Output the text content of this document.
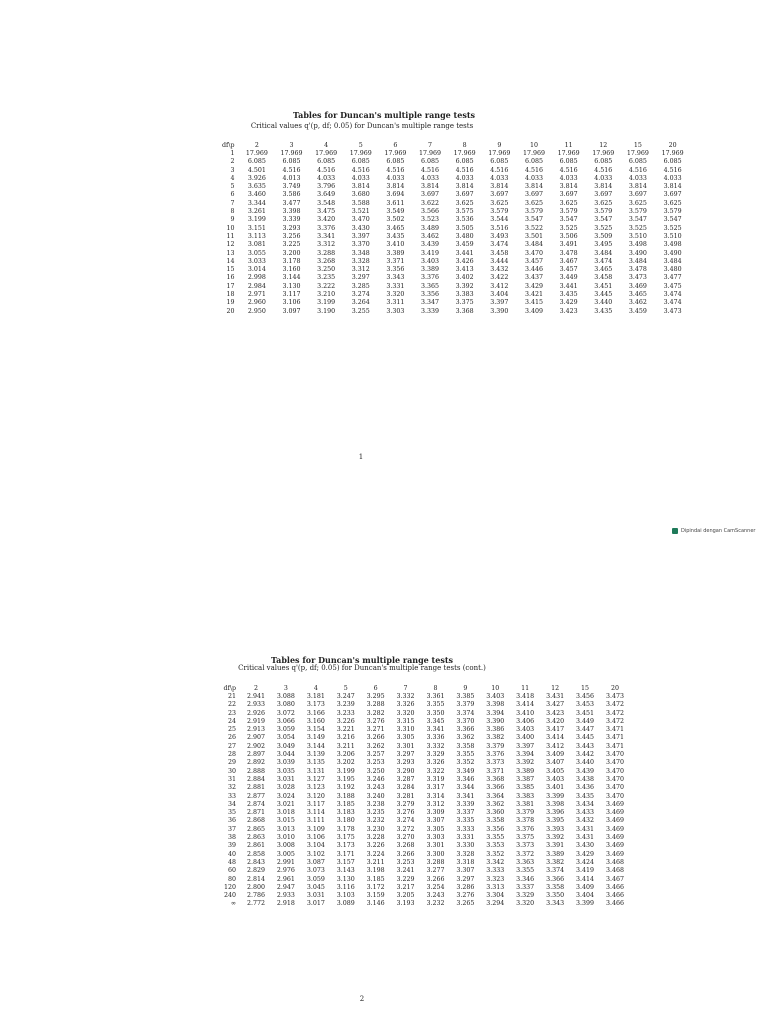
Tables for Duncan's multiple range tests
Critical values q'(p, df; 0.05) for Duncan's multiple range tests
df\p	2	3	4	5	6	7	8	9	10	11	12	15	20
1	17.969	17.969	17.969	17.969	17.969	17.969	17.969	17.969	17.969	17.969	17.969	17.969	17.969
2	6.085	6.085	6.085	6.085	6.085	6.085	6.085	6.085	6.085	6.085	6.085	6.085	6.085
3	4.501	4.516	4.516	4.516	4.516	4.516	4.516	4.516	4.516	4.516	4.516	4.516	4.516
4	3.926	4.013	4.033	4.033	4.033	4.033	4.033	4.033	4.033	4.033	4.033	4.033	4.033
5	3.635	3.749	3.796	3.814	3.814	3.814	3.814	3.814	3.814	3.814	3.814	3.814	3.814
6	3.460	3.586	3.649	3.680	3.694	3.697	3.697	3.697	3.697	3.697	3.697	3.697	3.697
7	3.344	3.477	3.548	3.588	3.611	3.622	3.625	3.625	3.625	3.625	3.625	3.625	3.625
8	3.261	3.398	3.475	3.521	3.549	3.566	3.575	3.579	3.579	3.579	3.579	3.579	3.579
9	3.199	3.339	3.420	3.470	3.502	3.523	3.536	3.544	3.547	3.547	3.547	3.547	3.547
10	3.151	3.293	3.376	3.430	3.465	3.489	3.505	3.516	3.522	3.525	3.525	3.525	3.525
11	3.113	3.256	3.341	3.397	3.435	3.462	3.480	3.493	3.501	3.506	3.509	3.510	3.510
12	3.081	3.225	3.312	3.370	3.410	3.439	3.459	3.474	3.484	3.491	3.495	3.498	3.498
13	3.055	3.200	3.288	3.348	3.389	3.419	3.441	3.458	3.470	3.478	3.484	3.490	3.490
14	3.033	3.178	3.268	3.328	3.371	3.403	3.426	3.444	3.457	3.467	3.474	3.484	3.484
15	3.014	3.160	3.250	3.312	3.356	3.389	3.413	3.432	3.446	3.457	3.465	3.478	3.480
16	2.998	3.144	3.235	3.297	3.343	3.376	3.402	3.422	3.437	3.449	3.458	3.473	3.477
17	2.984	3.130	3.222	3.285	3.331	3.365	3.392	3.412	3.429	3.441	3.451	3.469	3.475
18	2.971	3.117	3.210	3.274	3.320	3.356	3.383	3.404	3.421	3.435	3.445	3.465	3.474
19	2.960	3.106	3.199	3.264	3.311	3.347	3.375	3.397	3.415	3.429	3.440	3.462	3.474
20	2.950	3.097	3.190	3.255	3.303	3.339	3.368	3.390	3.409	3.423	3.435	3.459	3.473
1
Dipindai dengan CamScanner
Tables for Duncan's multiple range tests
Critical values q'(p, df; 0.05) for Duncan's multiple range tests (cont.)
df\p	2	3	4	5	6	7	8	9	10	11	12	15	20
21	2.941	3.088	3.181	3.247	3.295	3.332	3.361	3.385	3.403	3.418	3.431	3.456	3.473
22	2.933	3.080	3.173	3.239	3.288	3.326	3.355	3.379	3.398	3.414	3.427	3.453	3.472
23	2.926	3.072	3.166	3.233	3.282	3.320	3.350	3.374	3.394	3.410	3.423	3.451	3.472
24	2.919	3.066	3.160	3.226	3.276	3.315	3.345	3.370	3.390	3.406	3.420	3.449	3.472
25	2.913	3.059	3.154	3.221	3.271	3.310	3.341	3.366	3.386	3.403	3.417	3.447	3.471
26	2.907	3.054	3.149	3.216	3.266	3.305	3.336	3.362	3.382	3.400	3.414	3.445	3.471
27	2.902	3.049	3.144	3.211	3.262	3.301	3.332	3.358	3.379	3.397	3.412	3.443	3.471
28	2.897	3.044	3.139	3.206	3.257	3.297	3.329	3.355	3.376	3.394	3.409	3.442	3.470
29	2.892	3.039	3.135	3.202	3.253	3.293	3.326	3.352	3.373	3.392	3.407	3.440	3.470
30	2.888	3.035	3.131	3.199	3.250	3.290	3.322	3.349	3.371	3.389	3.405	3.439	3.470
31	2.884	3.031	3.127	3.195	3.246	3.287	3.319	3.346	3.368	3.387	3.403	3.438	3.470
32	2.881	3.028	3.123	3.192	3.243	3.284	3.317	3.344	3.366	3.385	3.401	3.436	3.470
33	2.877	3.024	3.120	3.188	3.240	3.281	3.314	3.341	3.364	3.383	3.399	3.435	3.470
34	2.874	3.021	3.117	3.185	3.238	3.279	3.312	3.339	3.362	3.381	3.398	3.434	3.469
35	2.871	3.018	3.114	3.183	3.235	3.276	3.309	3.337	3.360	3.379	3.396	3.433	3.469
36	2.868	3.015	3.111	3.180	3.232	3.274	3.307	3.335	3.358	3.378	3.395	3.432	3.469
37	2.865	3.013	3.109	3.178	3.230	3.272	3.305	3.333	3.356	3.376	3.393	3.431	3.469
38	2.863	3.010	3.106	3.175	3.228	3.270	3.303	3.331	3.355	3.375	3.392	3.431	3.469
39	2.861	3.008	3.104	3.173	3.226	3.268	3.301	3.330	3.353	3.373	3.391	3.430	3.469
40	2.858	3.005	3.102	3.171	3.224	3.266	3.300	3.328	3.352	3.372	3.389	3.429	3.469
48	2.843	2.991	3.087	3.157	3.211	3.253	3.288	3.318	3.342	3.363	3.382	3.424	3.468
60	2.829	2.976	3.073	3.143	3.198	3.241	3.277	3.307	3.333	3.355	3.374	3.419	3.468
80	2.814	2.961	3.059	3.130	3.185	3.229	3.266	3.297	3.323	3.346	3.366	3.414	3.467
120	2.800	2.947	3.045	3.116	3.172	3.217	3.254	3.286	3.313	3.337	3.358	3.409	3.466
240	2.786	2.933	3.031	3.103	3.159	3.205	3.243	3.276	3.304	3.329	3.350	3.404	3.466
∞	2.772	2.918	3.017	3.089	3.146	3.193	3.232	3.265	3.294	3.320	3.343	3.399	3.466
2
